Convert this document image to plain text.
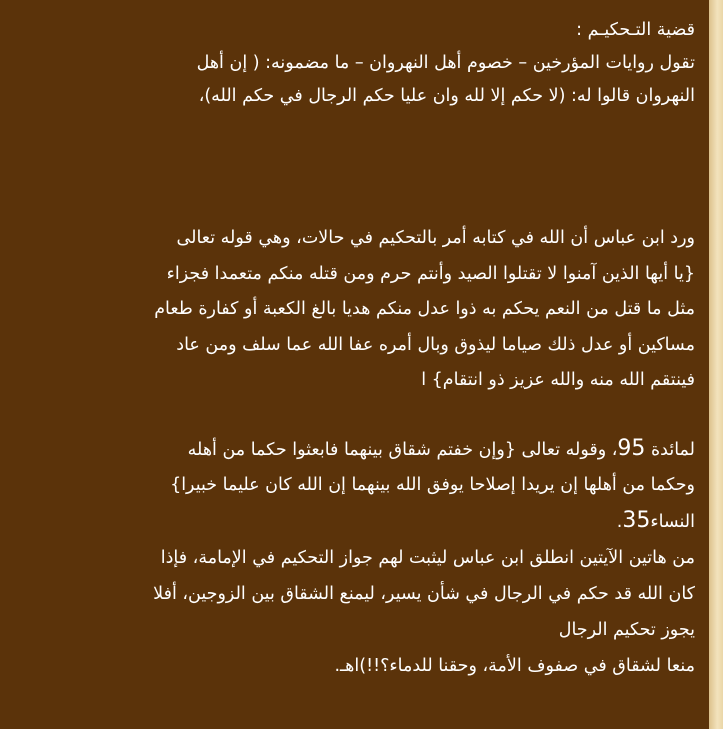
قضية التـحكيـم :
تقول روايات المؤرخين – خصوم أهل النهروان – ما مضمونه: ( إن أهل
النهروان قالوا له: (لا حكم إلا لله وان عليا حكم الرجال في حكم الله)،
ورد ابن عباس أن الله في كتابه أمر بالتحكيم في حالات، وهي قوله تعالى
{يا أيها الذين آمنوا لا تقتلوا الصيد وأنتم حرم ومن قتله منكم متعمدا فجزاء
مثل ما قتل من النعم يحكم به ذوا عدل منكم هديا بالغ الكعبة أو كفارة طعام
مساكين أو عدل ذلك صياما ليذوق وبال أمره عفا الله عما سلف ومن عاد
فينتقم الله منه والله عزيز ذو انتقام} ا
لمائدة 95، وقوله تعالى {وإن خفتم شقاق بينهما فابعثوا حكما من أهله
وحكما من أهلها إن يريدا إصلاحا يوفق الله بينهما إن الله كان عليما خبيرا}
النساء35.
من هاتين الآيتين انطلق ابن عباس ليثبت لهم جواز التحكيم في الإمامة، فإذا
كان الله قد حكم في الرجال في شأن يسير، ليمنع الشقاق بين الزوجين، أفلا
يجوز تحكيم الرجال
منعا لشقاق في صفوف الأمة، وحقنا للدماء؟!!)اهـ.
